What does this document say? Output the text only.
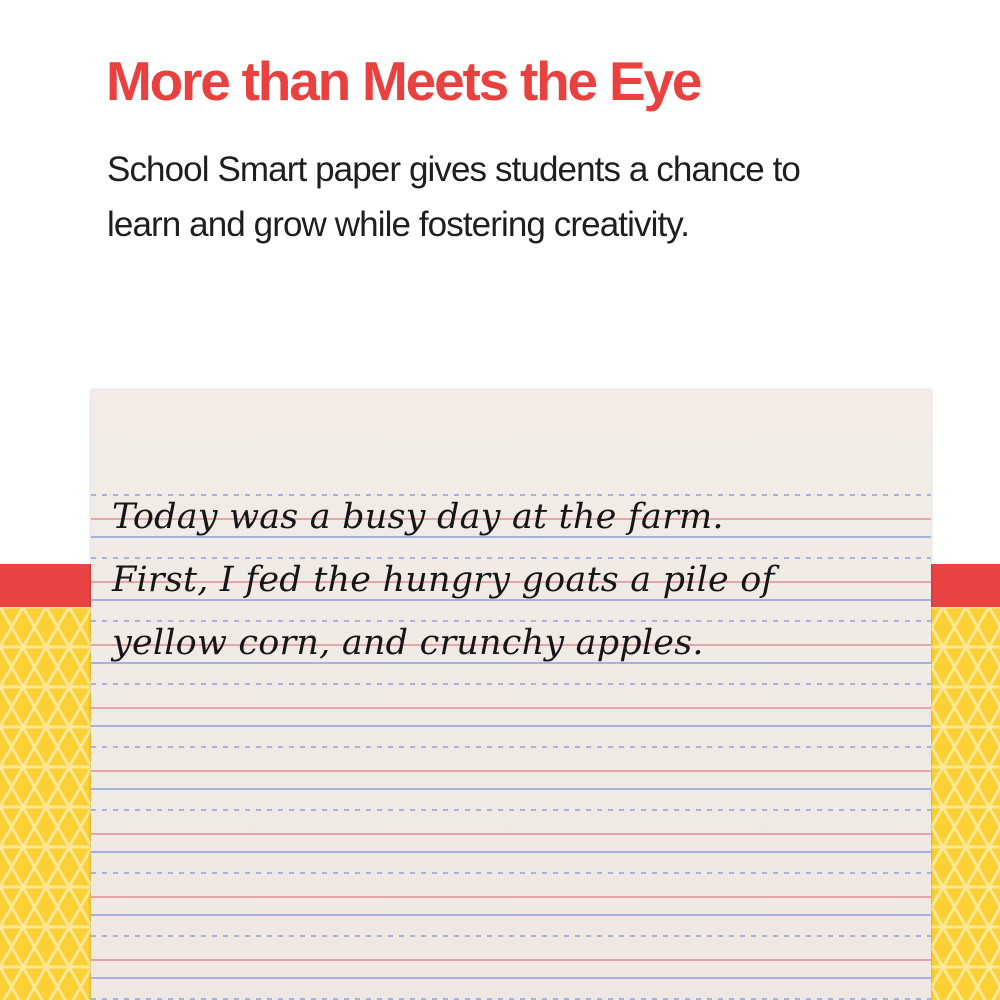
More than Meets the Eye

School Smart paper gives students a chance to learn and grow while fostering creativity.

Today was a busy day at the farm.
First, I fed the hungry goats a pile of
yellow corn, and crunchy apples.
